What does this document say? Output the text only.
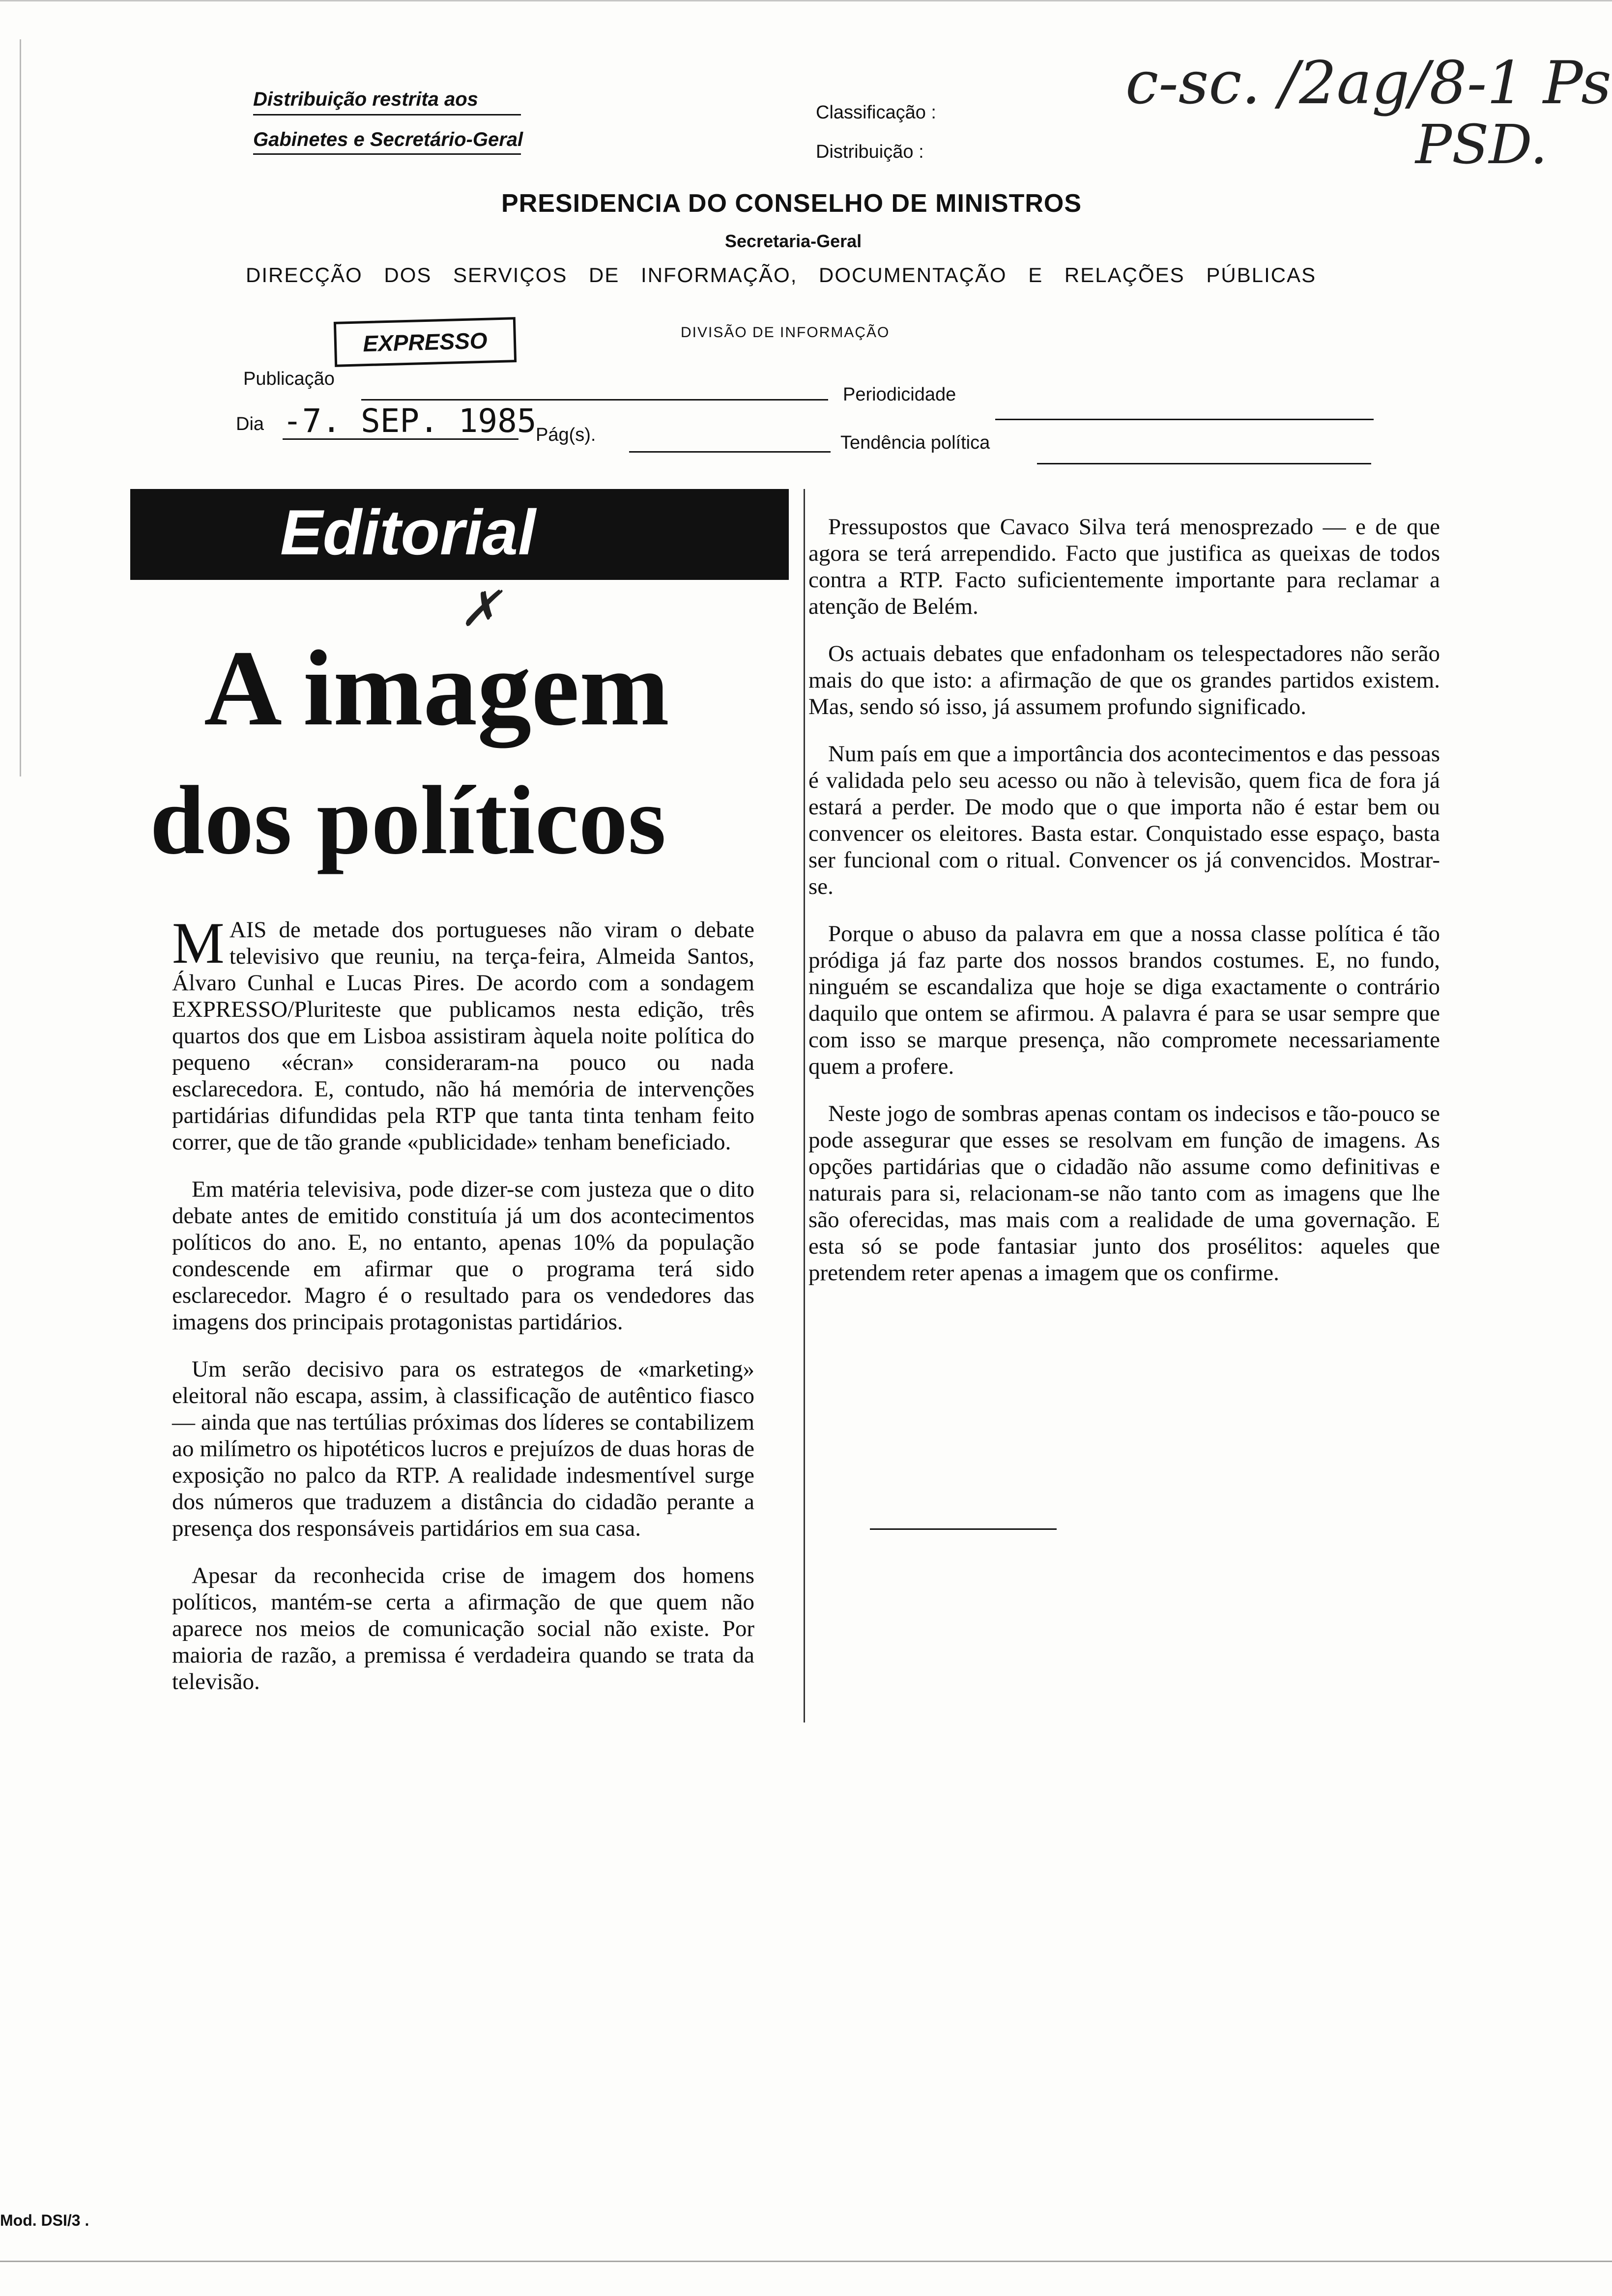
Distribuição restrita aos
Gabinetes e Secretário-Geral
Classificação :
Distribuição :
c-sc. /2ag/8-1 Ps
PSD.
PRESIDENCIA DO CONSELHO DE MINISTROS
Secretaria-Geral
DIRECÇÃO DOS SERVIÇOS DE INFORMAÇÃO, DOCUMENTAÇÃO E RELAÇÕES PÚBLICAS
EXPRESSO	DIVISÃO DE INFORMAÇÃO
Publicação
Periodicidade
Dia -7. SEP. 1985
Pág(s).	Tendência política
Editorial
A imagem
dos políticos
✗

MAIS de metade dos portugueses não viram o debate televisivo que reuniu, na terça-feira, Almeida Santos, Álvaro Cunhal e Lucas Pires. De acordo com a sondagem EXPRESSO/Pluriteste que publicamos nesta edição, três quartos dos que em Lisboa assistiram àquela noite política do pequeno «écran» consideraram-na pouco ou nada esclarecedora. E, contudo, não há memória de intervenções partidárias difundidas pela RTP que tanta tinta tenham feito correr, que de tão grande «publicidade» tenham beneficiado.

Em matéria televisiva, pode dizer-se com justeza que o dito debate antes de emitido constituía já um dos acontecimentos políticos do ano. E, no entanto, apenas 10% da população condescende em afirmar que o programa terá sido esclarecedor. Magro é o resultado para os vendedores das imagens dos principais protagonistas partidários.

Um serão decisivo para os estrategos de «marketing» eleitoral não escapa, assim, à classificação de autêntico fiasco — ainda que nas tertúlias próximas dos líderes se contabilizem ao milímetro os hipotéticos lucros e prejuízos de duas horas de exposição no palco da RTP. A realidade indesmentível surge dos números que traduzem a distância do cidadão perante a presença dos responsáveis partidários em sua casa.

Apesar da reconhecida crise de imagem dos homens políticos, mantém-se certa a afirmação de que quem não aparece nos meios de comunicação social não existe. Por maioria de razão, a premissa é verdadeira quando se trata da televisão.

Pressupostos que Cavaco Silva terá menosprezado — e de que agora se terá arrependido. Facto que justifica as queixas de todos contra a RTP. Facto suficientemente importante para reclamar a atenção de Belém.

Os actuais debates que enfadonham os telespectadores não serão mais do que isto: a afirmação de que os grandes partidos existem. Mas, sendo só isso, já assumem profundo significado.

Num país em que a importância dos acontecimentos e das pessoas é validada pelo seu acesso ou não à televisão, quem fica de fora já estará a perder. De modo que o que importa não é estar bem ou convencer os eleitores. Basta estar. Conquistado esse espaço, basta ser funcional com o ritual. Convencer os já convencidos. Mostrar-se.

Porque o abuso da palavra em que a nossa classe política é tão pródiga já faz parte dos nossos brandos costumes. E, no fundo, ninguém se escandaliza que hoje se diga exactamente o contrário daquilo que ontem se afirmou. A palavra é para se usar sempre que com isso se marque presença, não compromete necessariamente quem a profere.

Neste jogo de sombras apenas contam os indecisos e tão-pouco se pode assegurar que esses se resolvam em função de imagens. As opções partidárias que o cidadão não assume como definitivas e naturais para si, relacionam-se não tanto com as imagens que lhe são oferecidas, mas mais com a realidade de uma governação. E esta só se pode fantasiar junto dos prosélitos: aqueles que pretendem reter apenas a imagem que os confirme.

Mod. DSI/3 .
